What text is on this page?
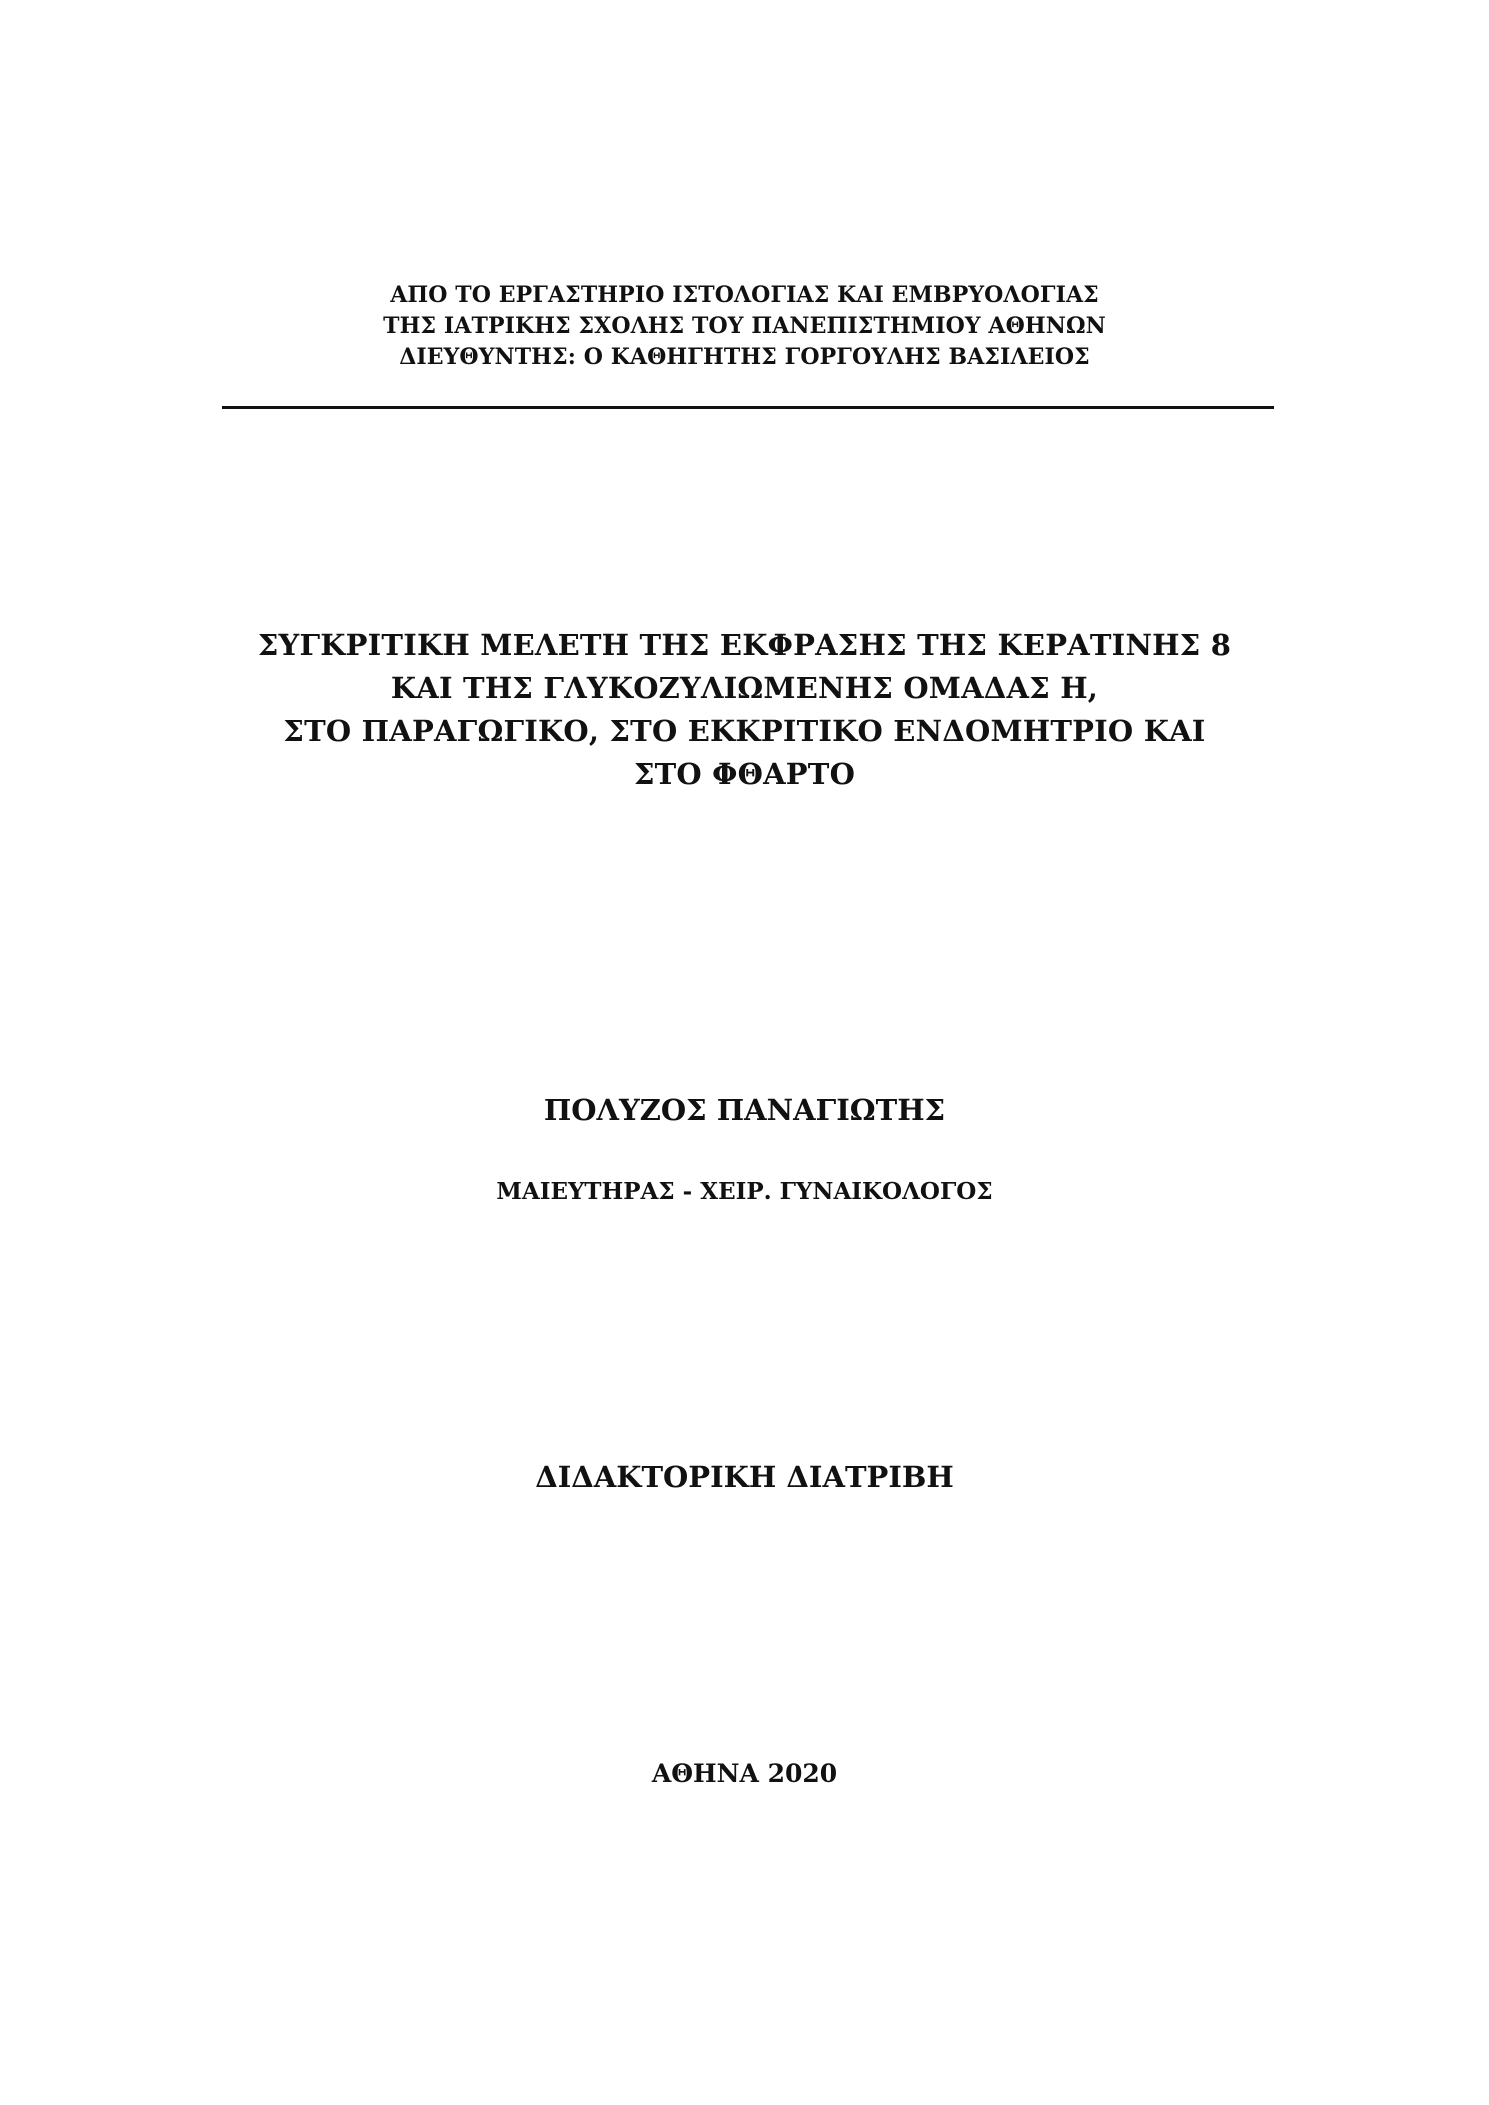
ΑΠΟ ΤΟ ΕΡΓΑΣΤΗΡΙΟ ΙΣΤΟΛΟΓΙΑΣ ΚΑΙ ΕΜΒΡΥΟΛΟΓΙΑΣ
ΤΗΣ ΙΑΤΡΙΚΗΣ ΣΧΟΛΗΣ ΤΟΥ ΠΑΝΕΠΙΣΤΗΜΙΟΥ ΑΘΗΝΩΝ
ΔΙΕΥΘΥΝΤΗΣ: Ο ΚΑΘΗΓΗΤΗΣ ΓΟΡΓΟΥΛΗΣ ΒΑΣΙΛΕΙΟΣ
ΣΥΓΚΡΙΤΙΚΗ ΜΕΛΕΤΗ ΤΗΣ ΕΚΦΡΑΣΗΣ ΤΗΣ ΚΕΡΑΤΙΝΗΣ 8
ΚΑΙ ΤΗΣ ΓΛΥΚΟΖΥΛΙΩΜΕΝΗΣ ΟΜΑΔΑΣ Η,
ΣΤΟ ΠΑΡΑΓΩΓΙΚΟ, ΣΤΟ ΕΚΚΡΙΤΙΚΟ ΕΝΔΟΜΗΤΡΙΟ ΚΑΙ
ΣΤΟ ΦΘΑΡΤΟ
ΠΟΛΥΖΟΣ ΠΑΝΑΓΙΩΤΗΣ
ΜΑΙΕΥΤΗΡΑΣ - ΧΕΙΡ. ΓΥΝΑΙΚΟΛΟΓΟΣ
ΔΙΔΑΚΤΟΡΙΚΗ ΔΙΑΤΡΙΒΗ
ΑΘΗΝΑ 2020
